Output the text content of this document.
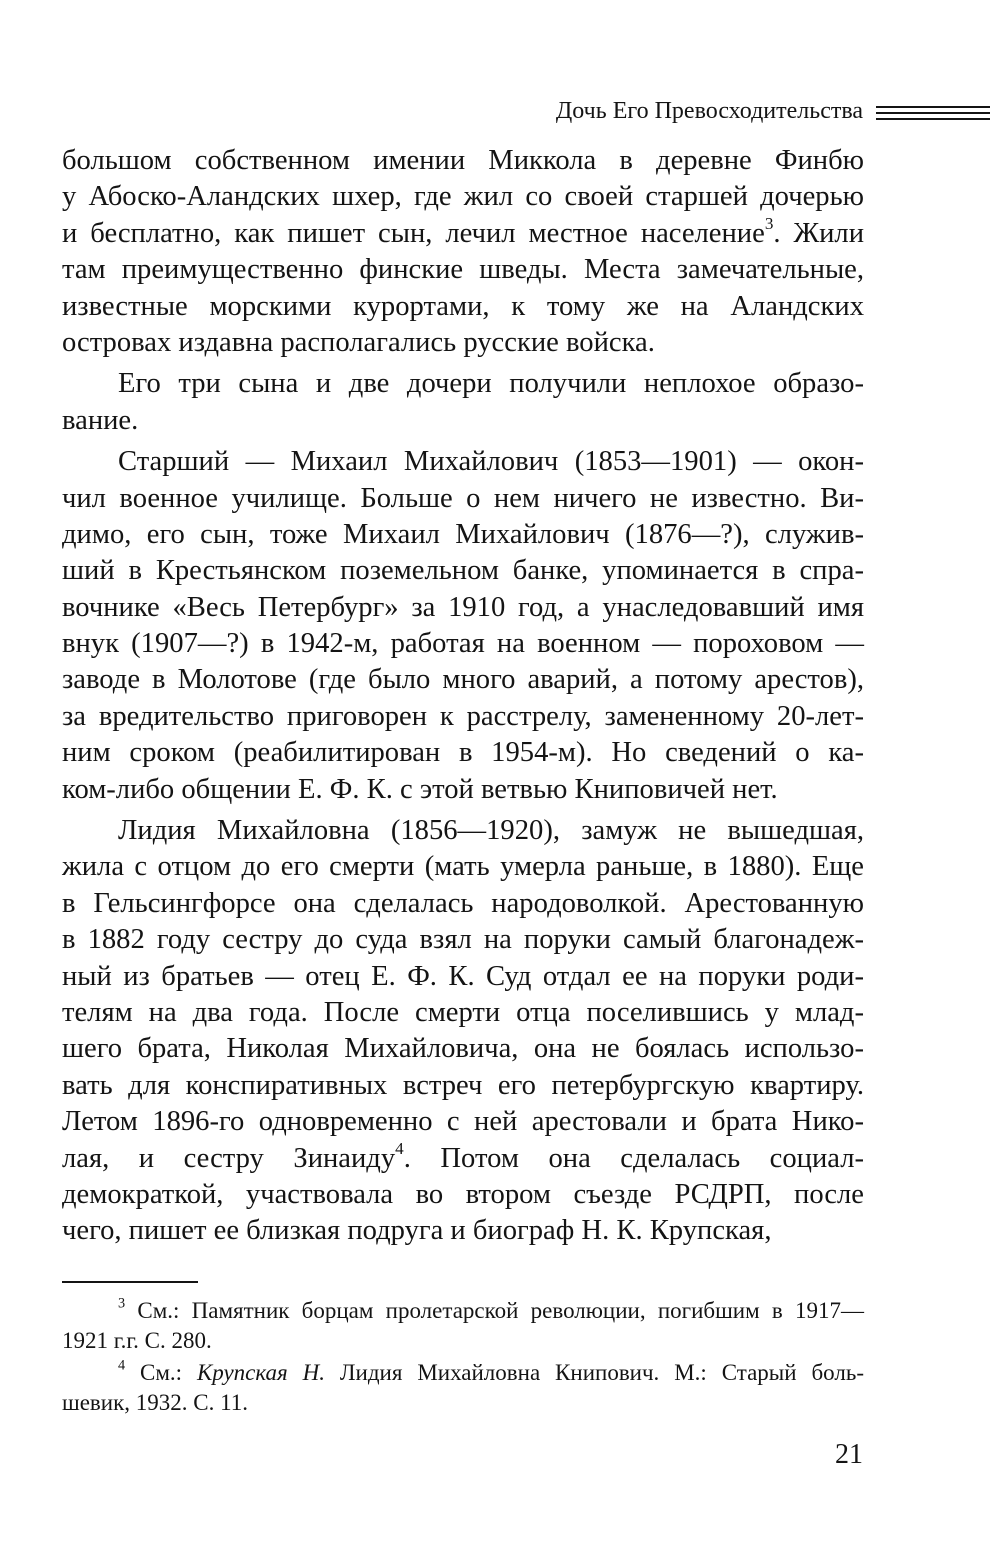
Дочь Его Превосходительства
большом собственном имении Миккола в деревне Финбю
у Абоско-Аландских шхер, где жил со своей старшей дочерью
и бесплатно, как пишет сын, лечил местное население$^3$. Жили
там преимущественно финские шведы. Места замечательные,
известные морскими курортами, к тому же на Аландских
островах издавна располагались русские войска.
Его три сына и две дочери получили неплохое образо-
вание.
Старший — Михаил Михайлович (1853—1901) — окон-
чил военное училище. Больше о нем ничего не известно. Ви-
димо, его сын, тоже Михаил Михайлович (1876—?), служив-
ший в Крестьянском поземельном банке, упоминается в спра-
вочнике «Весь Петербург» за 1910 год, а унаследовавший имя
внук (1907—?) в 1942-м, работая на военном — пороховом —
заводе в Молотове (где было много аварий, а потому арестов),
за вредительство приговорен к расстрелу, замененному 20-лет-
ним сроком (реабилитирован в 1954-м). Но сведений о ка-
ком-либо общении Е. Ф. К. с этой ветвью Книповичей нет.
Лидия Михайловна (1856—1920), замуж не вышедшая,
жила с отцом до его смерти (мать умерла раньше, в 1880). Еще
в Гельсингфорсе она сделалась народоволкой. Арестованную
в 1882 году сестру до суда взял на поруки самый благонадеж-
ный из братьев — отец Е. Ф. К. Суд отдал ее на поруки роди-
телям на два года. После смерти отца поселившись у млад-
шего брата, Николая Михайловича, она не боялась использо-
вать для конспиративных встреч его петербургскую квартиру.
Летом 1896-го одновременно с ней арестовали и брата Нико-
лая, и сестру Зинаиду$^4$. Потом она сделалась социал-
демократкой, участвовала во втором съезде РСДРП, после
чего, пишет ее близкая подруга и биограф Н. К. Крупская,
$^3$ См.: Памятник борцам пролетарской революции, погибшим в 1917—
1921 г.г. С. 280.
$^4$ См.: Крупская Н. Лидия Михайловна Книпович. М.: Старый боль-
шевик, 1932. С. 11.
21
